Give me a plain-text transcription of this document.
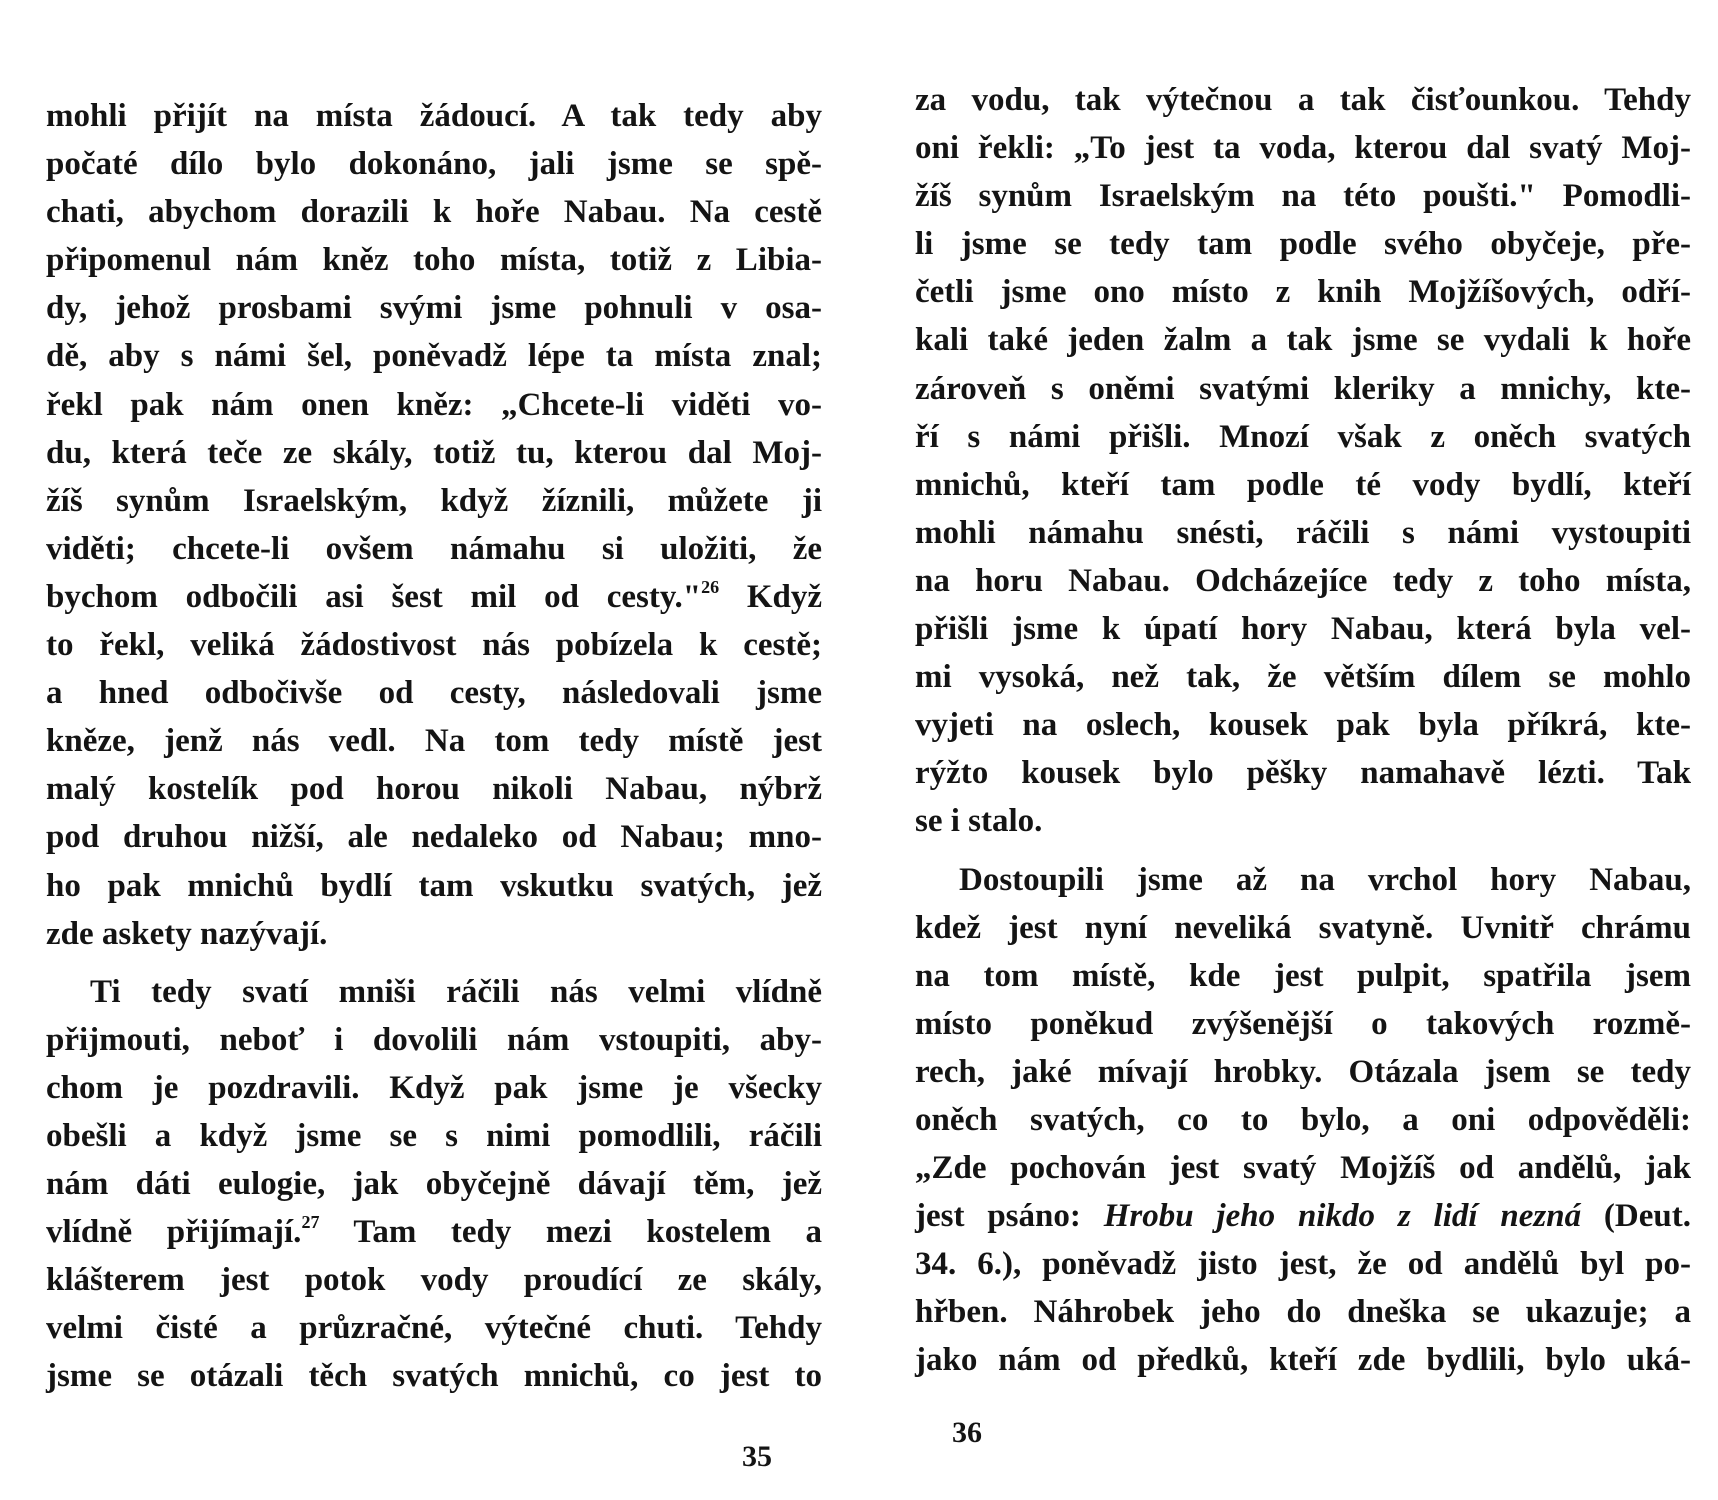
mohli přijít na místa žádoucí. A tak tedy aby
počaté dílo bylo dokonáno, jali jsme se spě-
chati, abychom dorazili k hoře Nabau. Na cestě
připomenul nám kněz toho místa, totiž z Libia-
dy, jehož prosbami svými jsme pohnuli v osa-
dě, aby s námi šel, poněvadž lépe ta místa znal;
řekl pak nám onen kněz: „Chcete-li viděti vo-
du, která teče ze skály, totiž tu, kterou dal Moj-
žíš synům Israelským, když žíznili, můžete ji
viděti; chcete-li ovšem námahu si uložiti, že
bychom odbočili asi šest mil od cesty."$^{26}$ Když
to řekl, veliká žádostivost nás pobízela k cestě;
a hned odbočivše od cesty, následovali jsme
kněze, jenž nás vedl. Na tom tedy místě jest
malý kostelík pod horou nikoli Nabau, nýbrž
pod druhou nižší, ale nedaleko od Nabau; mno-
ho pak mnichů bydlí tam vskutku svatých, jež
zde askety nazývají.
Ti tedy svatí mniši ráčili nás velmi vlídně
přijmouti, neboť i dovolili nám vstoupiti, aby-
chom je pozdravili. Když pak jsme je všecky
obešli a když jsme se s nimi pomodlili, ráčili
nám dáti eulogie, jak obyčejně dávají těm, jež
vlídně přijímají.$^{27}$ Tam tedy mezi kostelem a
klášterem jest potok vody proudící ze skály,
velmi čisté a průzračné, výtečné chuti. Tehdy
jsme se otázali těch svatých mnichů, co jest to
35
za vodu, tak výtečnou a tak čisťounkou. Tehdy
oni řekli: „To jest ta voda, kterou dal svatý Moj-
žíš synům Israelským na této poušti." Pomodli-
li jsme se tedy tam podle svého obyčeje, pře-
četli jsme ono místo z knih Mojžíšových, odří-
kali také jeden žalm a tak jsme se vydali k hoře
zároveň s oněmi svatými kleriky a mnichy, kte-
ří s námi přišli. Mnozí však z oněch svatých
mnichů, kteří tam podle té vody bydlí, kteří
mohli námahu snésti, ráčili s námi vystoupiti
na horu Nabau. Odcházejíce tedy z toho místa,
přišli jsme k úpatí hory Nabau, která byla vel-
mi vysoká, než tak, že větším dílem se mohlo
vyjeti na oslech, kousek pak byla příkrá, kte-
rýžto kousek bylo pěšky namahavě lézti. Tak
se i stalo.
Dostoupili jsme až na vrchol hory Nabau,
kdež jest nyní neveliká svatyně. Uvnitř chrámu
na tom místě, kde jest pulpit, spatřila jsem
místo poněkud zvýšenější o takových rozmě-
rech, jaké mívají hrobky. Otázala jsem se tedy
oněch svatých, co to bylo, a oni odpověděli:
„Zde pochován jest svatý Mojžíš od andělů, jak
jest psáno: Hrobu jeho nikdo z lidí nezná (Deut.
34. 6.), poněvadž jisto jest, že od andělů byl po-
hřben. Náhrobek jeho do dneška se ukazuje; a
jako nám od předků, kteří zde bydlili, bylo uká-
36
